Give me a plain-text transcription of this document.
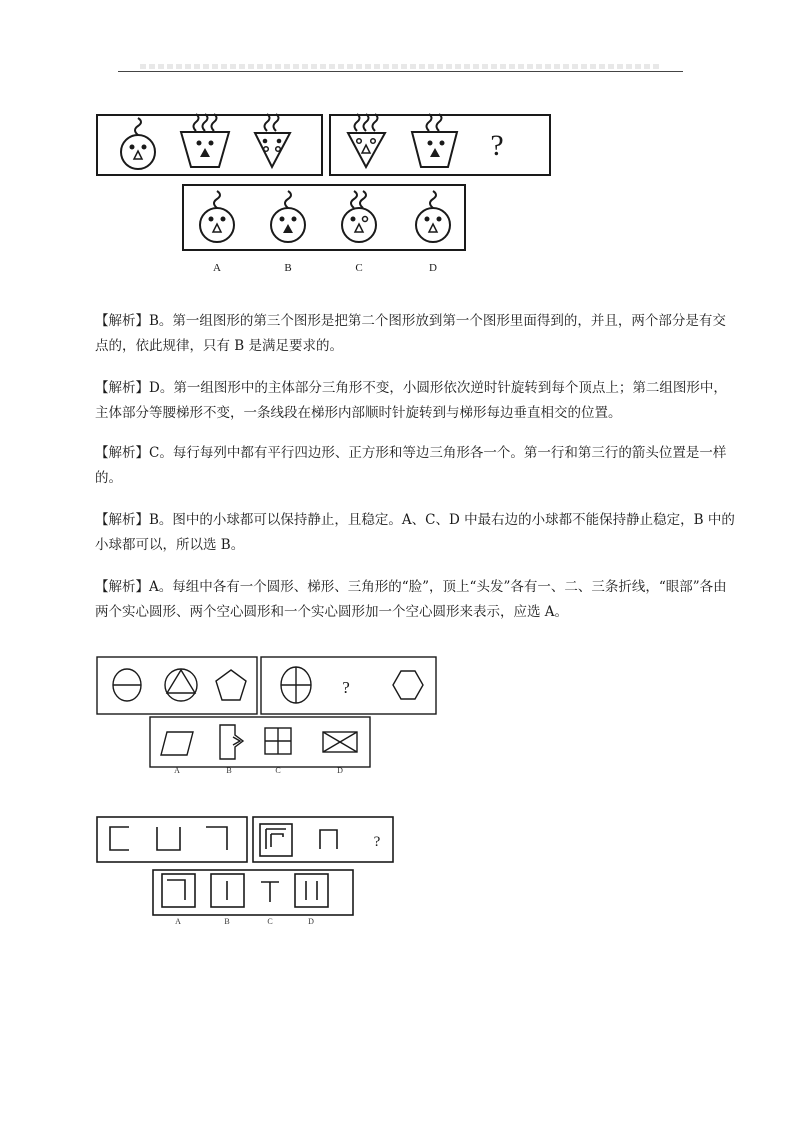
?
A	B	C	D

【解析】B。第一组图形的第三个图形是把第二个图形放到第一个图形里面得到的，并且，两个部分是有交点的，依此规律，只有 B 是满足要求的。

【解析】D。第一组图形中的主体部分三角形不变，小圆形依次逆时针旋转到每个顶点上；第二组图形中，主体部分等腰梯形不变，一条线段在梯形内部顺时针旋转到与梯形每边垂直相交的位置。

【解析】C。每行每列中都有平行四边形、正方形和等边三角形各一个。第一行和第三行的箭头位置是一样的。

【解析】B。图中的小球都可以保持静止，且稳定。A、C、D 中最右边的小球都不能保持静止稳定，B 中的小球都可以，所以选 B。

【解析】A。每组中各有一个圆形、梯形、三角形的“脸”，顶上“头发”各有一、二、三条折线，“眼部”各由两个实心圆形、两个空心圆形和一个实心圆形加一个空心圆形来表示，应选 A。

?
A	B	C	D
?
A	B	C	D
